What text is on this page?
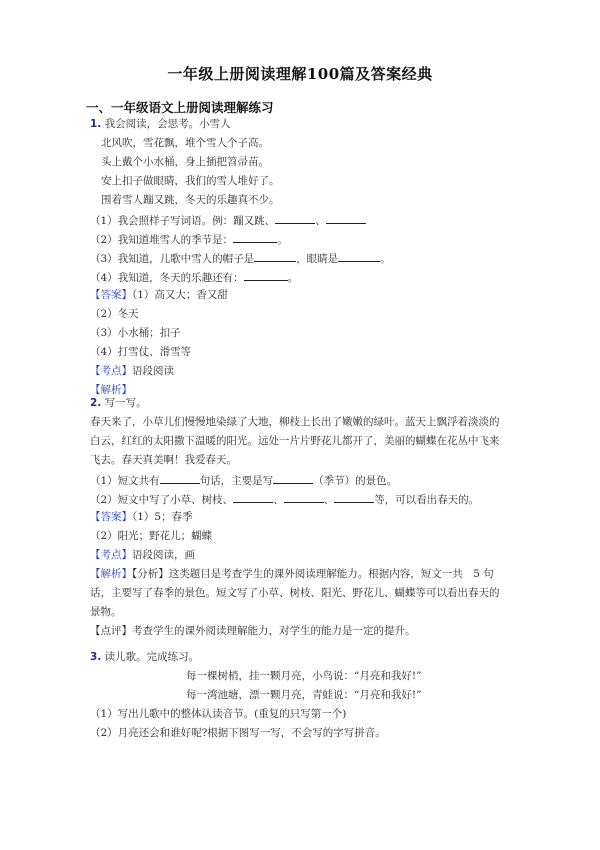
一年级上册阅读理解100篇及答案经典
一、一年级语文上册阅读理解练习
1. 我会阅读，会思考。小雪人
北风吹，雪花飘，堆个雪人个子高。
头上戴个小水桶，身上插把笤帚苗。
安上扣子做眼睛，我们的雪人堆好了。
围着雪人蹦又跳，冬天的乐趣真不少。
（1）我会照样子写词语。例：蹦又跳、	、
（2）我知道堆雪人的季节是：	。
（3）我知道，儿歌中雪人的帽子是	，眼睛是	。
（4）我知道，冬天的乐趣还有：	。
【答案】（1）高又大；香又甜
（2）冬天
（3）小水桶；扣子
（4）打雪仗、滑雪等
【考点】语段阅读
【解析】
2. 写一写。
春天来了，小草儿们慢慢地染绿了大地，柳枝上长出了嫩嫩的绿叶。蓝天上飘浮着淡淡的
白云，红红的太阳撒下温暖的阳光。远处一片片野花儿都开了，美丽的蝴蝶在花丛中飞来
飞去。春天真美啊！我爱春天。
（1）短文共有	句话，主要是写	（季节）的景色。
（2）短文中写了小草、树枝、	、	、	等，可以看出春天的。
【答案】（1）5；春季
（2）阳光；野花儿；蝴蝶
【考点】语段阅读，画
【解析】【分析】这类题目是考查学生的课外阅读理解能力。根据内容，短文一共　5 句
话，主要写了春季的景色。短文写了小草、树枝、阳光、野花儿、蝴蝶等可以看出春天的
景物。
【点评】考查学生的课外阅读理解能力，对学生的能力是一定的提升。
3. 读儿歌。完成练习。
每一棵树梢，挂一颗月亮，小鸟说：“月亮和我好!”
每一湾池塘，漂一颗月亮，青蛙说：“月亮和我好!”
（1）写出儿歌中的整体认读音节。(重复的只写第一个)
（2）月亮还会和谁好呢?根据下图写一写，不会写的字写拼音。
